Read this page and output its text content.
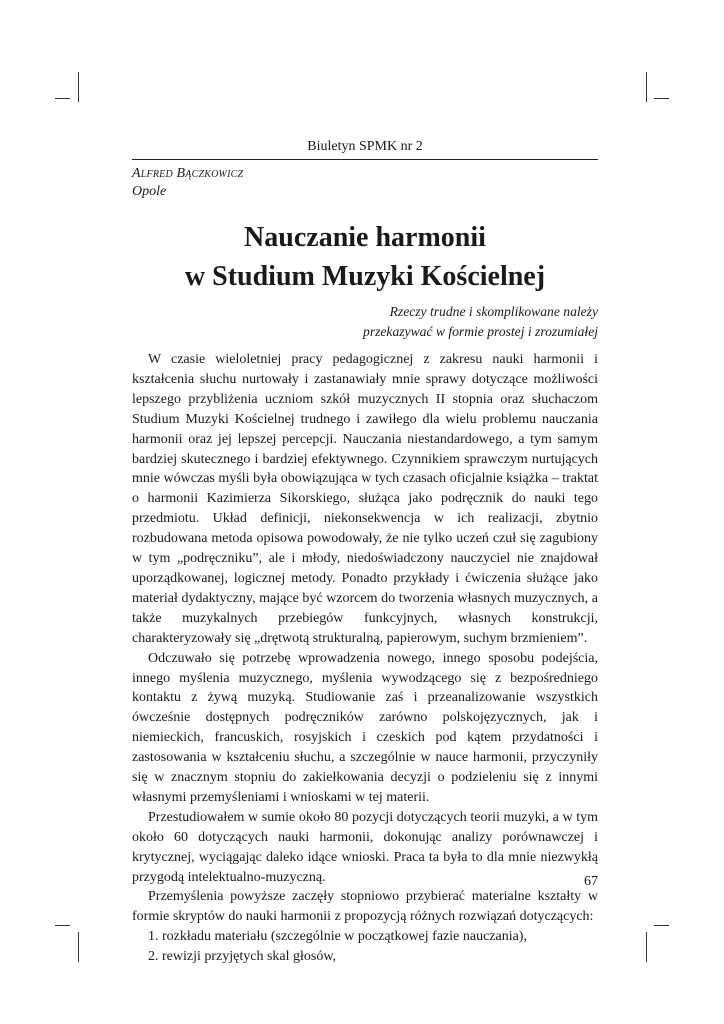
Biuletyn SPMK nr 2
Alfred Bączkowicz
Opole
Nauczanie harmonii
w Studium Muzyki Kościelnej
Rzeczy trudne i skomplikowane należy
przekazywać w formie prostej i zrozumiałej

W czasie wieloletniej pracy pedagogicznej z zakresu nauki harmonii i kształcenia słuchu nurtowały i zastanawiały mnie sprawy dotyczące możliwości lepszego przybliżenia uczniom szkół muzycznych II stopnia oraz słuchaczom Studium Muzyki Kościelnej trudnego i zawiłego dla wielu problemu nauczania harmonii oraz jej lepszej percepcji. Nauczania niestandardowego, a tym samym bardziej skutecznego i bardziej efektywnego. Czynnikiem sprawczym nurtujących mnie wówczas myśli była obowiązująca w tych czasach oficjalnie książka – traktat o harmonii Kazimierza Sikorskiego, służąca jako podręcznik do nauki tego przedmiotu. Układ definicji, niekonsekwencja w ich realizacji, zbytnio rozbudowana metoda opisowa powodowały, że nie tylko uczeń czuł się zagubiony w tym „podręczniku”, ale i młody, niedoświadczony nauczyciel nie znajdował uporządkowanej, logicznej metody. Ponadto przykłady i ćwiczenia służące jako materiał dydaktyczny, mające być wzorcem do tworzenia własnych muzycznych, a także muzykalnych przebiegów funkcyjnych, własnych konstrukcji, charakteryzowały się „drętwotą strukturalną, papierowym, suchym brzmieniem”.

Odczuwało się potrzebę wprowadzenia nowego, innego sposobu podejścia, innego myślenia muzycznego, myślenia wywodzącego się z bezpośredniego kontaktu z żywą muzyką. Studiowanie zaś i przeanalizowanie wszystkich ówcześnie dostępnych podręczników zarówno polskojęzycznych, jak i niemieckich, francuskich, rosyjskich i czeskich pod kątem przydatności i zastosowania w kształceniu słuchu, a szczególnie w nauce harmonii, przyczyniły się w znacznym stopniu do zakiełkowania decyzji o podzieleniu się z innymi własnymi przemyśleniami i wnioskami w tej materii.

Przestudiowałem w sumie około 80 pozycji dotyczących teorii muzyki, a w tym około 60 dotyczących nauki harmonii, dokonując analizy porównawczej i krytycznej, wyciągając daleko idące wnioski. Praca ta była to dla mnie niezwykłą przygodą intelektualno-muzyczną.

Przemyślenia powyższe zaczęły stopniowo przybierać materialne kształty w formie skryptów do nauki harmonii z propozycją różnych rozwiązań dotyczących:

1. rozkładu materiału (szczególnie w początkowej fazie nauczania),
2. rewizji przyjętych skal głosów,
67
